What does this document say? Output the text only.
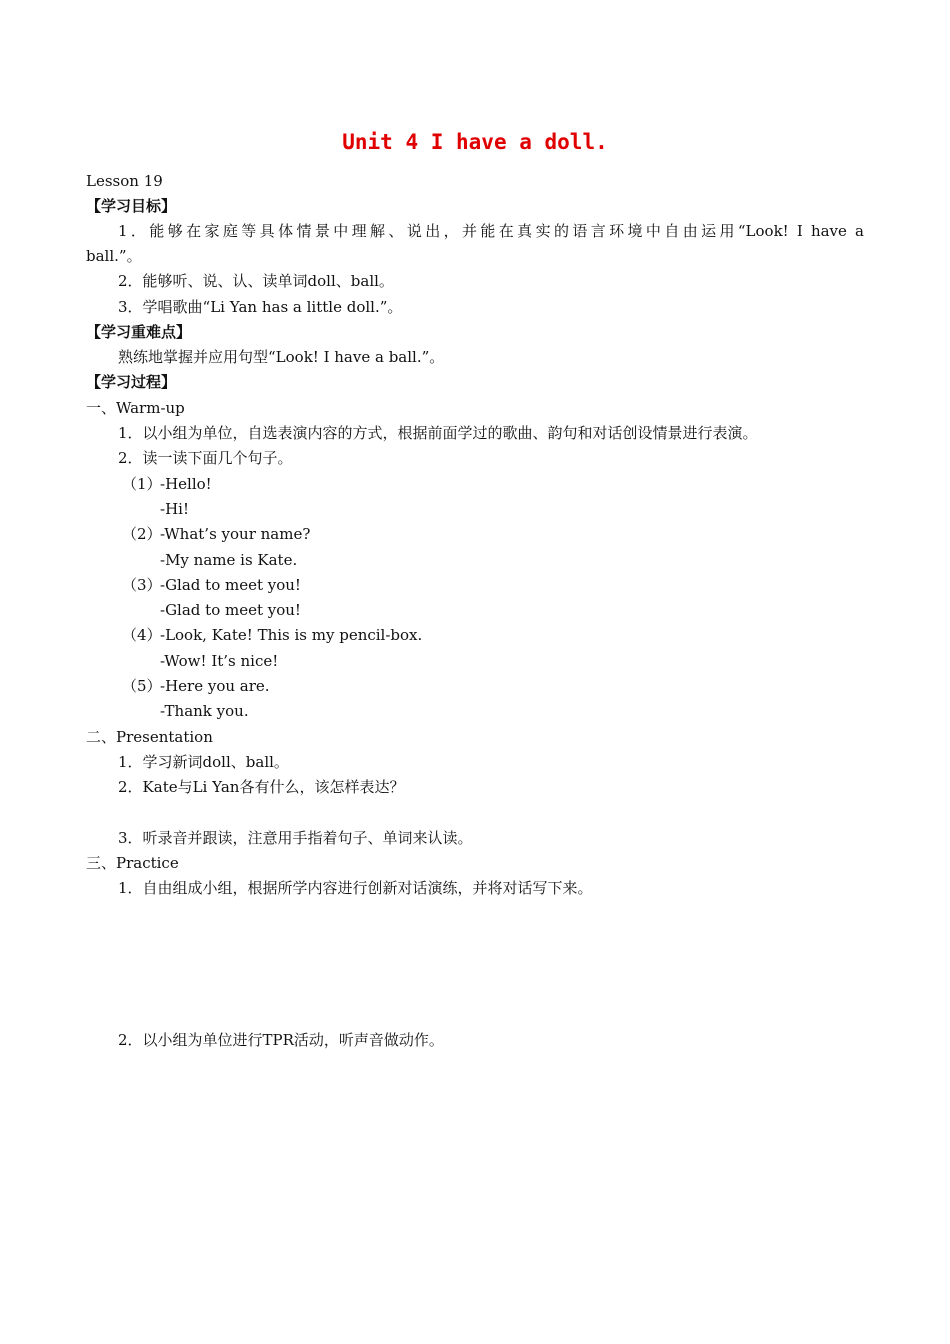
Unit 4 I have a doll.
Lesson 19
【学习目标】
1．能够在家庭等具体情景中理解、说出，并能在真实的语言环境中自由运用“Look! I have a
ball.”。
2．能够听、说、认、读单词doll、ball。
3．学唱歌曲“Li Yan has a little doll.”。
【学习重难点】
熟练地掌握并应用句型“Look! I have a ball.”。
【学习过程】
一、Warm-up
1．以小组为单位，自选表演内容的方式，根据前面学过的歌曲、韵句和对话创设情景进行表演。
2．读一读下面几个句子。
（1）
-Hello!
-Hi!
（2）
-What’s your name?
-My name is Kate.
（3）
-Glad to meet you!
-Glad to meet you!
（4）
-Look, Kate! This is my pencil-box.
-Wow! It’s nice!
（5）
-Here you are.
-Thank you.
二、Presentation
1．学习新词doll、ball。
2．Kate与Li Yan各有什么，该怎样表达？
3．听录音并跟读，注意用手指着句子、单词来认读。
三、Practice
1．自由组成小组，根据所学内容进行创新对话演练，并将对话写下来。
2．以小组为单位进行TPR活动，听声音做动作。
